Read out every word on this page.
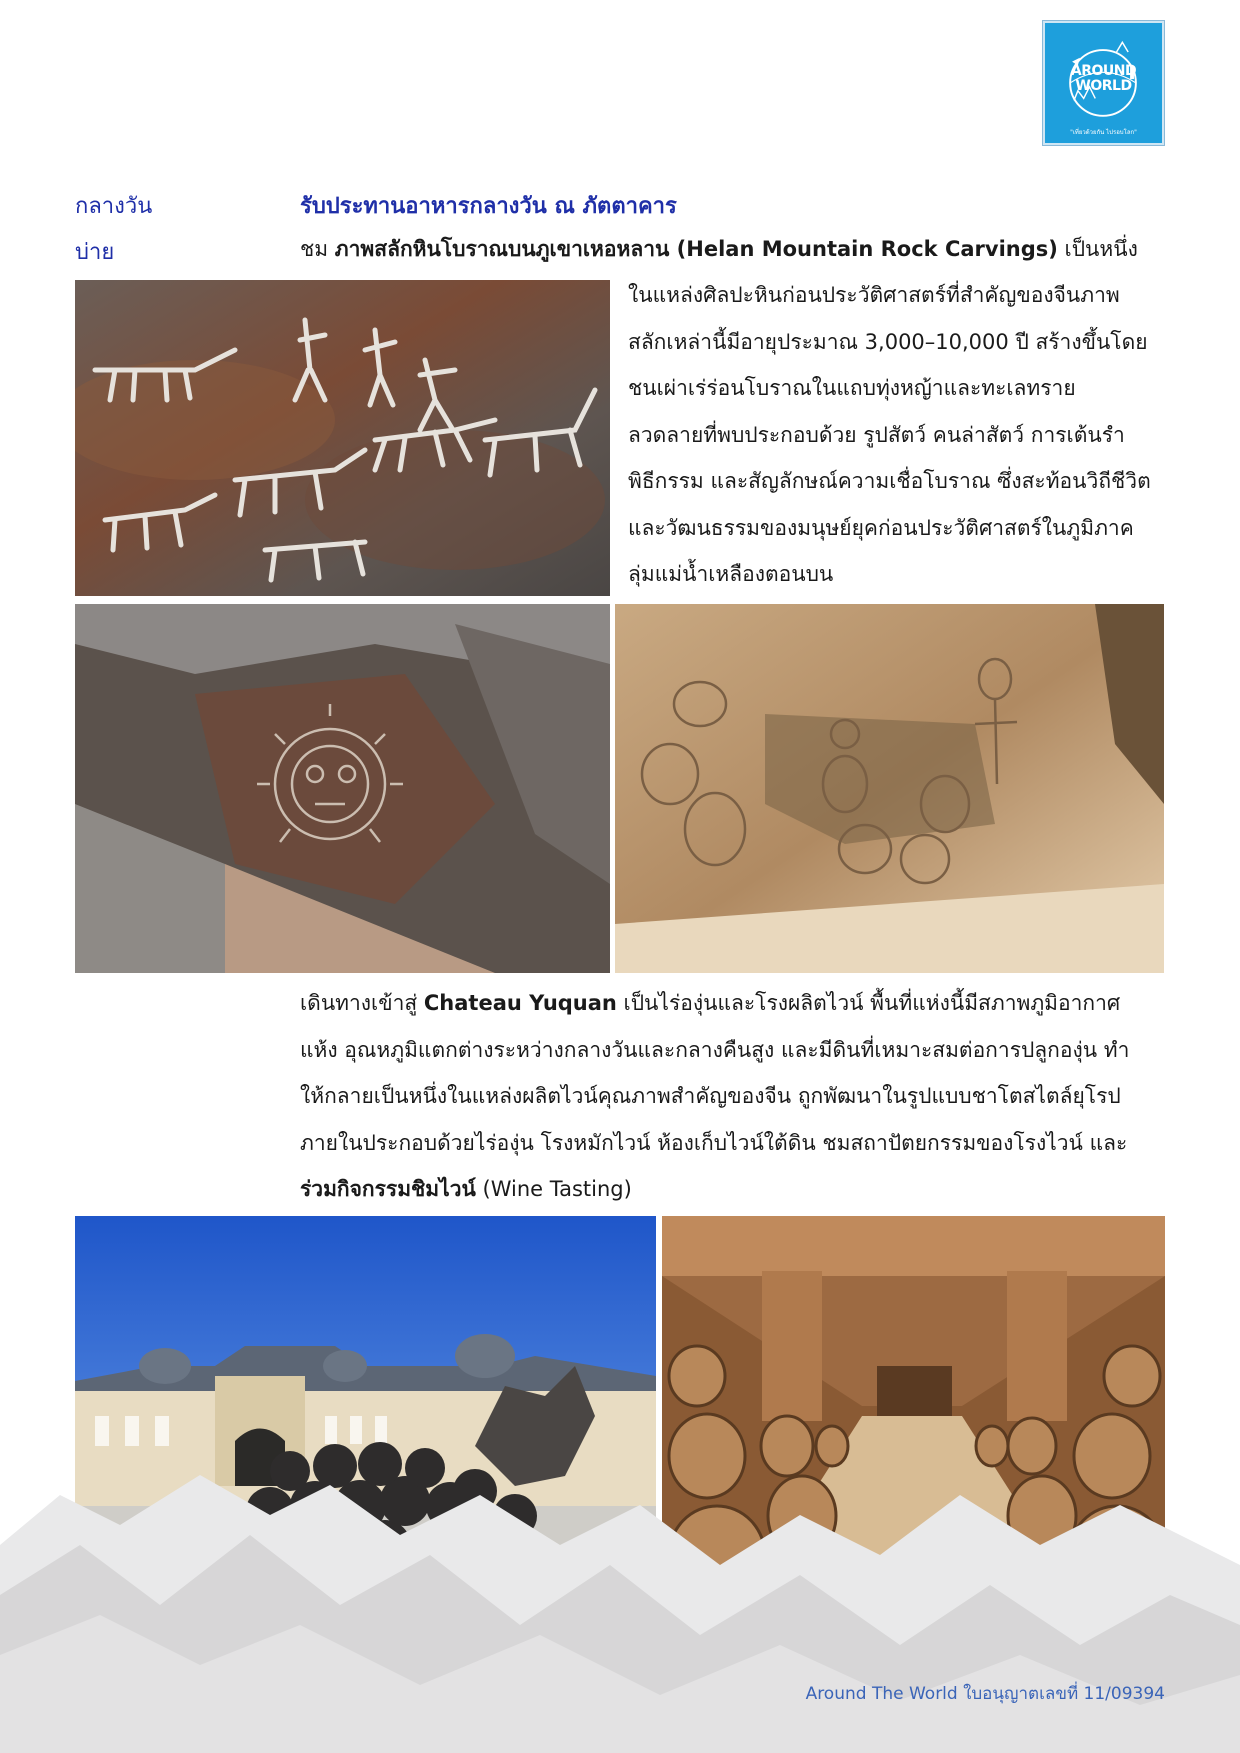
AROUND
WORLD
"เที่ยวด้วยกัน ไปรอบโลก"
กลางวัน	รับประทานอาหารกลางวัน ณ ภัตตาคาร
บ่าย	ชม ภาพสลักหินโบราณบนภูเขาเหอหลาน (Helan Mountain Rock Carvings) เป็นหนึ่ง
ในแหล่งศิลปะหินก่อนประวัติศาสตร์ที่สำคัญของจีนภาพ
สลักเหล่านี้มีอายุประมาณ 3,000–10,000 ปี สร้างขึ้นโดย
ชนเผ่าเร่ร่อนโบราณในแถบทุ่งหญ้าและทะเลทราย
ลวดลายที่พบประกอบด้วย รูปสัตว์ คนล่าสัตว์ การเต้นรำ
พิธีกรรม และสัญลักษณ์ความเชื่อโบราณ ซึ่งสะท้อนวิถีชีวิต
และวัฒนธรรมของมนุษย์ยุคก่อนประวัติศาสตร์ในภูมิภาค
ลุ่มแม่น้ำเหลืองตอนบน
เดินทางเข้าสู่ Chateau Yuquan เป็นไร่องุ่นและโรงผลิตไวน์ พื้นที่แห่งนี้มีสภาพภูมิอากาศ
แห้ง อุณหภูมิแตกต่างระหว่างกลางวันและกลางคืนสูง และมีดินที่เหมาะสมต่อการปลูกองุ่น ทำ
ให้กลายเป็นหนึ่งในแหล่งผลิตไวน์คุณภาพสำคัญของจีน ถูกพัฒนาในรูปแบบชาโตสไตล์ยุโรป
ภายในประกอบด้วยไร่องุ่น โรงหมักไวน์ ห้องเก็บไวน์ใต้ดิน ชมสถาปัตยกรรมของโรงไวน์ และ
ร่วมกิจกรรมชิมไวน์ (Wine Tasting)
Around The World ใบอนุญาตเลขที่ 11/09394
